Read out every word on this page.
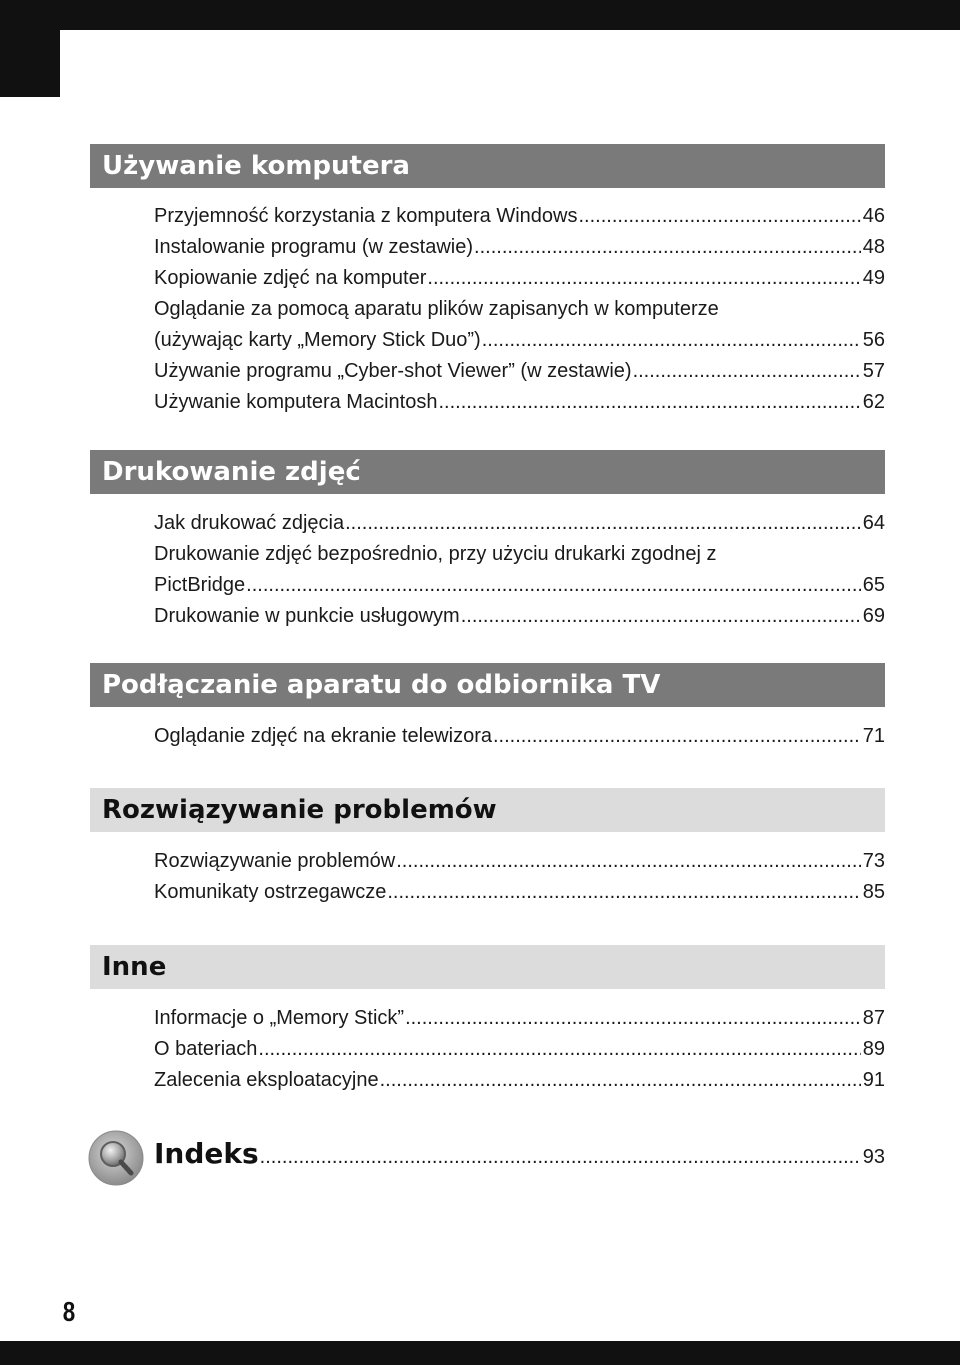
Używanie komputera
Przyjemność korzystania z komputera Windows .....	46
Instalowanie programu (w zestawie) .....	48
Kopiowanie zdjęć na komputer .....	49
Oglądanie za pomocą aparatu plików zapisanych w komputerze
(używając karty „Memory Stick Duo”) .....	56
Używanie programu „Cyber-shot Viewer” (w zestawie) .....	57
Używanie komputera Macintosh .....	62
Drukowanie zdjęć
Jak drukować zdjęcia .....	64
Drukowanie zdjęć bezpośrednio, przy użyciu drukarki zgodnej z
PictBridge .....	65
Drukowanie w punkcie usługowym .....	69
Podłączanie aparatu do odbiornika TV
Oglądanie zdjęć na ekranie telewizora .....	71
Rozwiązywanie problemów
Rozwiązywanie problemów .....	73
Komunikaty ostrzegawcze .....	85
Inne
Informacje o „Memory Stick” .....	87
O bateriach .....	89
Zalecenia eksploatacyjne .....	91
Indeks .....	93
8
